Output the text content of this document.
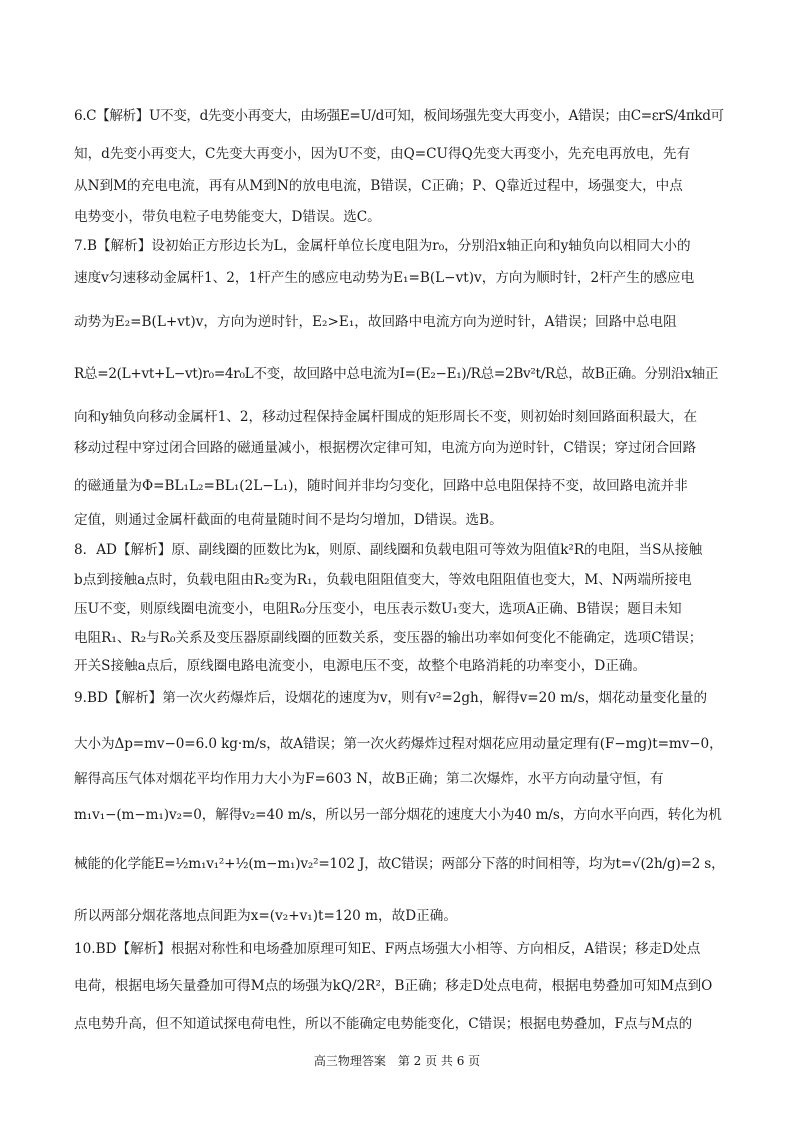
6.C【解析】U不变，d先变小再变大，由场强E=U/d可知，板间场强先变大再变小，A错误；由C=εrS/4πkd可
知，d先变小再变大，C先变大再变小，因为U不变，由Q=CU得Q先变大再变小，先充电再放电，先有
从N到M的充电电流，再有从M到N的放电电流，B错误，C正确；P、Q靠近过程中，场强变大，中点
电势变小，带负电粒子电势能变大，D错误。选C。
7.B【解析】设初始正方形边长为L，金属杆单位长度电阻为r₀，分别沿x轴正向和y轴负向以相同大小的
速度v匀速移动金属杆1、2，1杆产生的感应电动势为E₁=B(L−vt)v，方向为顺时针，2杆产生的感应电
动势为E₂=B(L+vt)v，方向为逆时针，E₂>E₁，故回路中电流方向为逆时针，A错误；回路中总电阻
R总=2(L+vt+L−vt)r₀=4r₀L不变，故回路中总电流为I=(E₂−E₁)/R总=2Bv²t/R总，故B正确。分别沿x轴正
向和y轴负向移动金属杆1、2，移动过程保持金属杆围成的矩形周长不变，则初始时刻回路面积最大，在
移动过程中穿过闭合回路的磁通量减小，根据楞次定律可知，电流方向为逆时针，C错误；穿过闭合回路
的磁通量为Φ=BL₁L₂=BL₁(2L−L₁)，随时间并非均匀变化，回路中总电阻保持不变，故回路电流并非
定值，则通过金属杆截面的电荷量随时间不是均匀增加，D错误。选B。
8．AD【解析】原、副线圈的匝数比为k，则原、副线圈和负载电阻可等效为阻值k²R的电阻，当S从接触
b点到接触a点时，负载电阻由R₂变为R₁，负载电阻阻值变大，等效电阻阻值也变大，M、N两端所接电
压U不变，则原线圈电流变小，电阻R₀分压变小，电压表示数U₁变大，选项A正确、B错误；题目未知
电阻R₁、R₂与R₀关系及变压器原副线圈的匝数关系，变压器的输出功率如何变化不能确定，选项C错误；
开关S接触a点后，原线圈电路电流变小，电源电压不变，故整个电路消耗的功率变小，D正确。
9.BD【解析】第一次火药爆炸后，设烟花的速度为v，则有v²=2gh，解得v=20 m/s，烟花动量变化量的
大小为Δp=mv−0=6.0 kg·m/s，故A错误；第一次火药爆炸过程对烟花应用动量定理有(F−mg)t=mv−0，
解得高压气体对烟花平均作用力大小为F=603 N，故B正确；第二次爆炸，水平方向动量守恒，有
m₁v₁−(m−m₁)v₂=0，解得v₂=40 m/s，所以另一部分烟花的速度大小为40 m/s，方向水平向西，转化为机
械能的化学能E=½m₁v₁²+½(m−m₁)v₂²=102 J，故C错误；两部分下落的时间相等，均为t=√(2h/g)=2 s，
所以两部分烟花落地点间距为x=(v₂+v₁)t=120 m，故D正确。
10.BD【解析】根据对称性和电场叠加原理可知E、F两点场强大小相等、方向相反，A错误；移走D处点
电荷，根据电场矢量叠加可得M点的场强为kQ/2R²，B正确；移走D处点电荷，根据电势叠加可知M点到O
点电势升高，但不知道试探电荷电性，所以不能确定电势能变化，C错误；根据电势叠加，F点与M点的
高三物理答案　第 2 页 共 6 页
